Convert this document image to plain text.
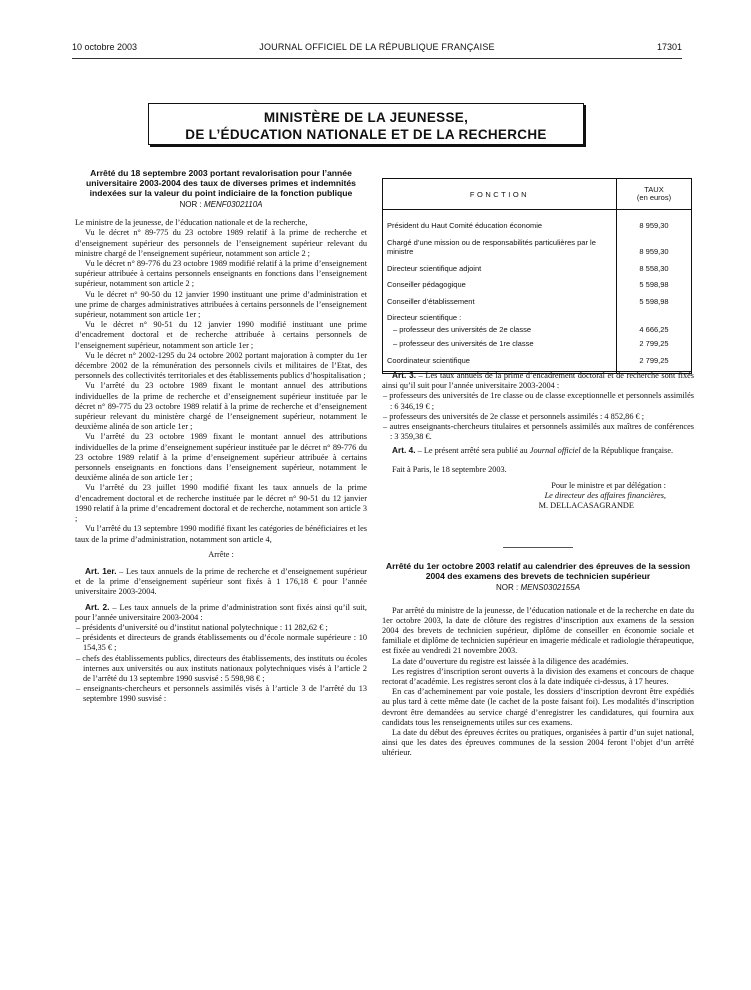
10 octobre 2003	JOURNAL OFFICIEL DE LA RÉPUBLIQUE FRANÇAISE	17301
MINISTÈRE DE LA JEUNESSE,
DE L’ÉDUCATION NATIONALE ET DE LA RECHERCHE
Arrêté du 18 septembre 2003 portant revalorisation pour l’année universitaire 2003-2004 des taux de diverses primes et indemnités indexées sur la valeur du point indiciaire de la fonction publique
NOR : MENF0302110A

Le ministre de la jeunesse, de l’éducation nationale et de la recherche,

Vu le décret n° 89-775 du 23 octobre 1989 relatif à la prime de recherche et d’enseignement supérieur des personnels de l’enseignement supérieur relevant du ministre chargé de l’enseignement supérieur, notamment son article 2 ;

Vu le décret n° 89-776 du 23 octobre 1989 modifié relatif à la prime d’enseignement supérieur attribuée à certains personnels enseignants en fonctions dans l’enseignement supérieur, notamment son article 2 ;

Vu le décret n° 90-50 du 12 janvier 1990 instituant une prime d’administration et une prime de charges administratives attribuées à certains personnels de l’enseignement supérieur, notamment son article 1er ;

Vu le décret n° 90-51 du 12 janvier 1990 modifié instituant une prime d’encadrement doctoral et de recherche attribuée à certains personnels de l’enseignement supérieur, notamment son article 1er ;

Vu le décret n° 2002-1295 du 24 octobre 2002 portant majoration à compter du 1er décembre 2002 de la rémunération des personnels civils et militaires de l’Etat, des personnels des collectivités territoriales et des établissements publics d’hospitalisation ;

Vu l’arrêté du 23 octobre 1989 fixant le montant annuel des attributions individuelles de la prime de recherche et d’enseignement supérieur instituée par le décret n° 89-775 du 23 octobre 1989 relatif à la prime de recherche et d’enseignement supérieur relevant du ministère chargé de l’enseignement supérieur, notamment le deuxième alinéa de son article 1er ;

Vu l’arrêté du 23 octobre 1989 fixant le montant annuel des attributions individuelles de la prime d’enseignement supérieur instituée par le décret n° 89-776 du 23 octobre 1989 relatif à la prime d’enseignement supérieur attribuée à certains personnels enseignants en fonctions dans l’enseignement supérieur, notamment le deuxième alinéa de son article 1er ;

Vu l’arrêté du 23 juillet 1990 modifié fixant les taux annuels de la prime d’encadrement doctoral et de recherche instituée par le décret n° 90-51 du 12 janvier 1990 relatif à la prime d’encadrement doctoral et de recherche, notamment son article 3 ;

Vu l’arrêté du 13 septembre 1990 modifié fixant les catégories de bénéficiaires et les taux de la prime d’administration, notamment son article 4,

Arrête :

Art. 1er. – Les taux annuels de la prime de recherche et d’enseignement supérieur et de la prime d’enseignement supérieur sont fixés à 1 176,18 € pour l’année universitaire 2003-2004.

Art. 2. – Les taux annuels de la prime d’administration sont fixés ainsi qu’il suit, pour l’année universitaire 2003-2004 :

– présidents d’université ou d’institut national polytechnique : 11 282,62 € ;

– présidents et directeurs de grands établissements ou d’école normale supérieure : 10 154,35 € ;

– chefs des établissements publics, directeurs des établissements, des instituts ou écoles internes aux universités ou aux instituts nationaux polytechniques visés à l’article 2 de l’arrêté du 13 septembre 1990 susvisé : 5 598,98 € ;

– enseignants-chercheurs et personnels assimilés visés à l’article 3 de l’arrêté du 13 septembre 1990 susvisé :

FONCTION	TAUX
(en euros)

Président du Haut Comité éducation économie	8 959,30
Chargé d’une mission ou de responsabilités particulières par le ministre	8 959,30
Directeur scientifique adjoint	8 558,30
Conseiller pédagogique	5 598,98
Conseiller d’établissement	5 598,98
Directeur scientifique :	
– professeur des universités de 2e classe	4 666,25
– professeur des universités de 1re classe	2 799,25
Coordinateur scientifique	2 799,25

Art. 3. – Les taux annuels de la prime d’encadrement doctoral et de recherche sont fixés ainsi qu’il suit pour l’année universitaire 2003-2004 :

– professeurs des universités de 1re classe ou de classe exceptionnelle et personnels assimilés : 6 346,19 € ;

– professeurs des universités de 2e classe et personnels assimilés : 4 852,86 € ;

– autres enseignants-chercheurs titulaires et personnels assimilés aux maîtres de conférences : 3 359,38 €.

Art. 4. – Le présent arrêté sera publié au Journal officiel de la République française.

Fait à Paris, le 18 septembre 2003.

Pour le ministre et par délégation :

Le directeur des affaires financières,

M. DELLACASAGRANDE

Arrêté du 1er octobre 2003 relatif au calendrier des épreuves de la session 2004 des examens des brevets de technicien supérieur
NOR : MENS0302155A

Par arrêté du ministre de la jeunesse, de l’éducation nationale et de la recherche en date du 1er octobre 2003, la date de clôture des registres d’inscription aux examens de la session 2004 des brevets de technicien supérieur, diplôme de conseiller en économie sociale et familiale et diplôme de technicien supérieur en imagerie médicale et radiologie thérapeutique, est fixée au vendredi 21 novembre 2003.

La date d’ouverture du registre est laissée à la diligence des académies.

Les registres d’inscription seront ouverts à la division des examens et concours de chaque rectorat d’académie. Les registres seront clos à la date indiquée ci-dessus, à 17 heures.

En cas d’acheminement par voie postale, les dossiers d’inscription devront être expédiés au plus tard à cette même date (le cachet de la poste faisant foi). Les modalités d’inscription devront être demandées au service chargé d’enregistrer les candidatures, qui fournira aux candidats tous les renseignements utiles sur ces examens.

La date du début des épreuves écrites ou pratiques, organisées à partir d’un sujet national, ainsi que les dates des épreuves communes de la session 2004 feront l’objet d’un arrêté ultérieur.
